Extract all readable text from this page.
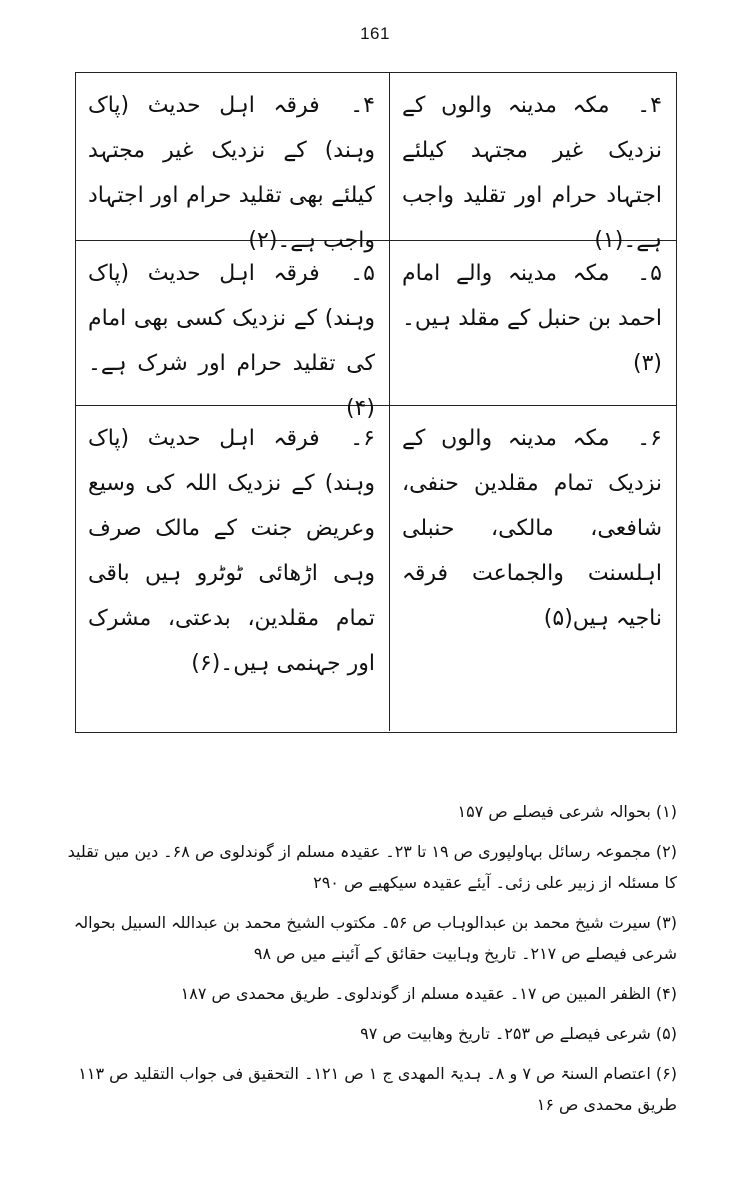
161
۴۔ مکہ مدینہ والوں کے نزدیک غیر مجتہد کیلئے اجتہاد حرام اور تقلید واجب ہے۔(۱)
۴۔ فرقہ اہل حدیث (پاک وہند) کے نزدیک غیر مجتہد کیلئے بھی تقلید حرام اور اجتہاد واجب ہے۔(۲)
۵۔ مکہ مدینہ والے امام احمد بن حنبل کے مقلد ہیں۔(۳)
۵۔ فرقہ اہل حدیث (پاک وہند) کے نزدیک کسی بھی امام کی تقلید حرام اور شرک ہے۔(۴)
۶۔ مکہ مدینہ والوں کے نزدیک تمام مقلدین حنفی، شافعی، مالکی، حنبلی اہلسنت والجماعت فرقہ ناجیہ ہیں(۵)
۶۔ فرقہ اہل حدیث (پاک وہند) کے نزدیک اللہ کی وسیع وعریض جنت کے مالک صرف وہی اڑھائی ٹوٹرو ہیں باقی تمام مقلدین، بدعتی، مشرک اور جہنمی ہیں۔(۶)
(۱) بحوالہ شرعی فیصلے ص ۱۵۷
(۲) مجموعہ رسائل بہاولپوری ص ۱۹ تا ۲۳۔ عقیدہ مسلم از گوندلوی ص ۶۸۔ دین میں تقلید کا مسئلہ از زبیر علی زئی۔ آیئے عقیدہ سیکھیے ص ۲۹۰
(۳) سیرت شیخ محمد بن عبدالوہاب ص ۵۶۔ مکتوب الشیخ محمد بن عبداللہ السبیل بحوالہ شرعی فیصلے ص ۲۱۷۔ تاریخ وہابیت حقائق کے آئینے میں ص ۹۸
(۴) الظفر المبین ص ۱۷۔ عقیدہ مسلم از گوندلوی۔ طریق محمدی ص ۱۸۷
(۵) شرعی فیصلے ص ۲۵۳۔ تاریخ وھابیت ص ۹۷
(۶) اعتصام السنۃ ص ۷ و ۸۔ ہدیۃ المھدی ج ۱ ص ۱۲۱۔ التحقیق فی جواب التقلید ص ۱۱۳ طریق محمدی ص ۱۶
